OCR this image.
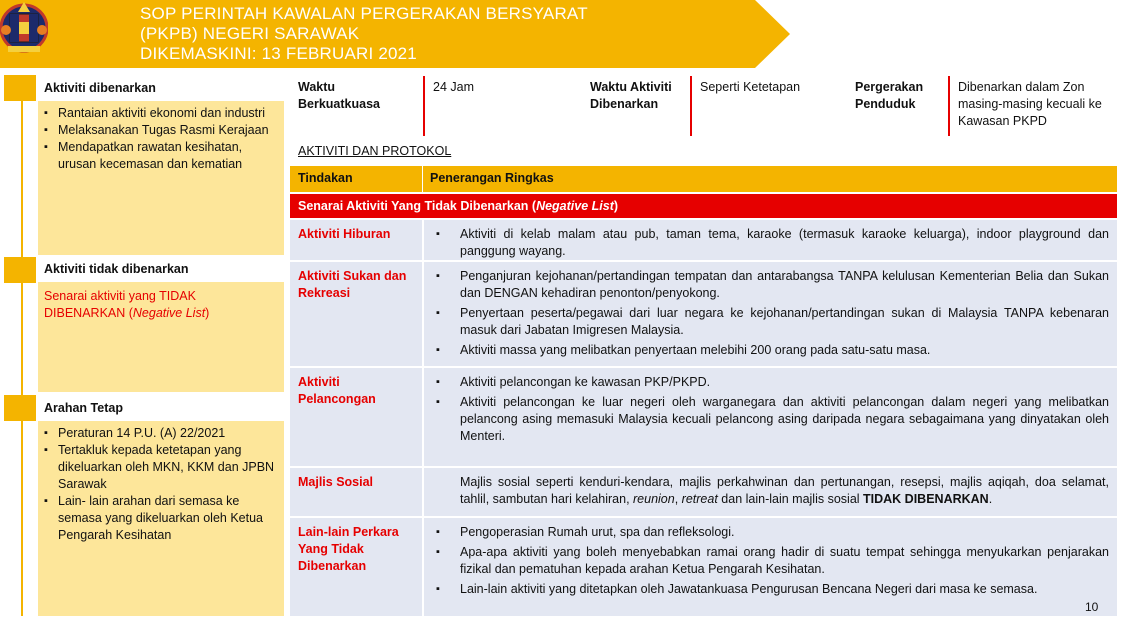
SOP PERINTAH KAWALAN PERGERAKAN BERSYARAT
(PKPB) NEGERI SARAWAK
DIKEMASKINI: 13 FEBRUARI 2021
Aktiviti dibenarkan
▪ Rantaian aktiviti ekonomi dan industri
▪ Melaksanakan Tugas Rasmi Kerajaan
▪ Mendapatkan rawatan kesihatan, urusan kecemasan dan kematian
Aktiviti tidak dibenarkan
Senarai aktiviti yang TIDAK DIBENARKAN (Negative List)
Arahan Tetap
▪ Peraturan 14 P.U. (A) 22/2021
▪ Tertakluk kepada ketetapan yang dikeluarkan oleh MKN, KKM dan JPBN Sarawak
▪ Lain- lain arahan dari semasa ke semasa yang dikeluarkan oleh Ketua Pengarah Kesihatan
Waktu Berkuatkuasa
24 Jam	Waktu Aktiviti Dibenarkan
Seperti Ketetapan	Pergerakan Penduduk
Dibenarkan dalam Zon masing-masing kecuali ke Kawasan PKPD
AKTIVITI DAN PROTOKOL
Tindakan	Penerangan Ringkas
Senarai Aktiviti Yang Tidak Dibenarkan (Negative List)
Aktiviti Hiburan
▪	Aktiviti di kelab malam atau pub, taman tema, karaoke (termasuk karaoke keluarga), indoor playground dan panggung wayang.
Aktiviti Sukan dan Rekreasi
▪ Penganjuran kejohanan/pertandingan tempatan dan antarabangsa TANPA kelulusan Kementerian Belia dan Sukan dan DENGAN kehadiran penonton/penyokong.
▪ Penyertaan peserta/pegawai dari luar negara ke kejohanan/pertandingan sukan di Malaysia TANPA kebenaran masuk dari Jabatan Imigresen Malaysia.
▪ Aktiviti massa yang melibatkan penyertaan melebihi 200 orang pada satu-satu masa.
Aktiviti Pelancongan
▪ Aktiviti pelancongan ke kawasan PKP/PKPD.
▪ Aktiviti pelancongan ke luar negeri oleh warganegara dan aktiviti pelancongan dalam negeri yang melibatkan pelancong asing memasuki Malaysia kecuali pelancong asing daripada negara sebagaimana yang dinyatakan oleh Menteri.
Majlis Sosial	Majlis sosial seperti kenduri-kendara, majlis perkahwinan dan pertunangan, resepsi, majlis aqiqah, doa selamat, tahlil, sambutan hari kelahiran, reunion, retreat dan lain-lain majlis sosial TIDAK DIBENARKAN.
Lain-lain Perkara Yang Tidak Dibenarkan
▪ Pengoperasian Rumah urut, spa dan refleksologi.
▪ Apa-apa aktiviti yang boleh menyebabkan ramai orang hadir di suatu tempat sehingga menyukarkan penjarakan fizikal dan pematuhan kepada arahan Ketua Pengarah Kesihatan.
▪ Lain-lain aktiviti yang ditetapkan oleh Jawatankuasa Pengurusan Bencana Negeri dari masa ke semasa.
10
